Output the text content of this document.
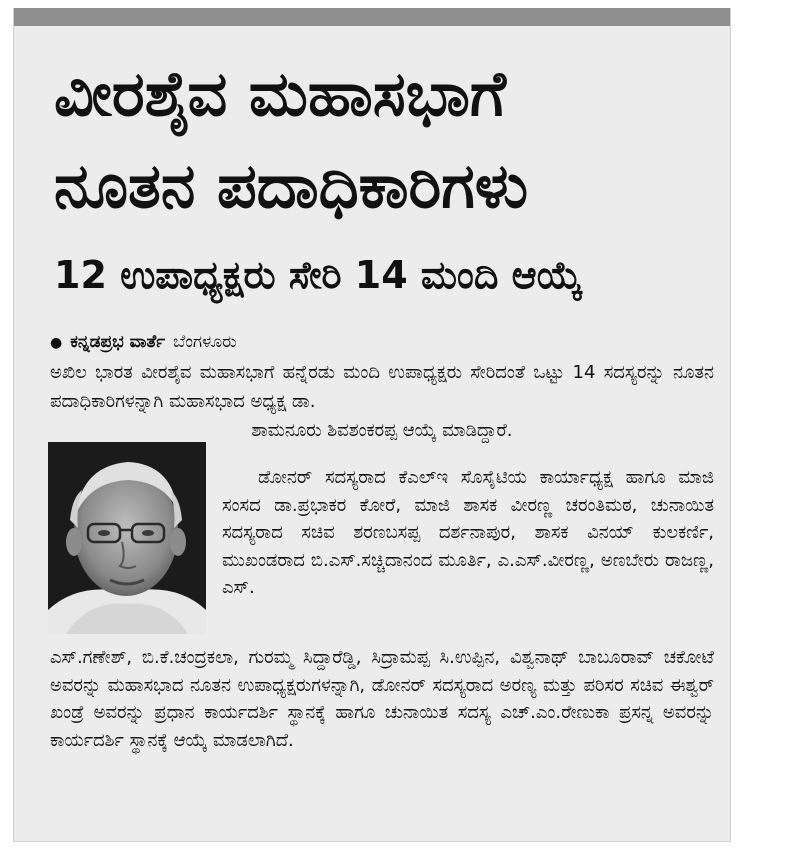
ವೀರಶೈವ ಮಹಾಸಭಾಗೆ
ನೂತನ ಪದಾಧಿಕಾರಿಗಳು
12 ಉಪಾಧ್ಯಕ್ಷರು ಸೇರಿ 14 ಮಂದಿ ಆಯ್ಕೆ
● ಕನ್ನಡಪ್ರಭ ವಾರ್ತೆ ಬೆಂಗಳೂರು

ಅಖಿಲ ಭಾರತ ವೀರಶೈವ ಮಹಾಸಭಾಗೆ ಹನ್ನೆರಡು ಮಂದಿ ಉಪಾಧ್ಯಕ್ಷರು ಸೇರಿದಂತೆ ಒಟ್ಟು 14 ಸದಸ್ಯರನ್ನು ನೂತನ ಪದಾಧಿಕಾರಿಗಳನ್ನಾಗಿ ಮಹಾಸಭಾದ ಅಧ್ಯಕ್ಷ ಡಾ.
ಶಾಮನೂರು ಶಿವಶಂಕರಪ್ಪ ಆಯ್ಕೆ ಮಾಡಿದ್ದಾರೆ.

ಡೋನರ್ ಸದಸ್ಯರಾದ ಕೆಎಲ್‌ಇ ಸೊಸೈಟಿಯ ಕಾರ್ಯಾಧ್ಯಕ್ಷ ಹಾಗೂ ಮಾಜಿ ಸಂಸದ ಡಾ.ಪ್ರಭಾಕರ ಕೋರೆ, ಮಾಜಿ ಶಾಸಕ ವೀರಣ್ಣ ಚರಂತಿಮಠ, ಚುನಾಯಿತ ಸದಸ್ಯರಾದ ಸಚಿವ ಶರಣಬಸಪ್ಪ ದರ್ಶನಾಪುರ, ಶಾಸಕ ವಿನಯ್ ಕುಲಕರ್ಣಿ, ಮುಖಂಡರಾದ ಬಿ.ಎಸ್.ಸಚ್ಚಿದಾನಂದ ಮೂರ್ತಿ, ಎ.ಎಸ್.ವೀರಣ್ಣ, ಅಣಬೇರು ರಾಜಣ್ಣ, ಎಸ್.

ಎಸ್.ಗಣೇಶ್, ಬಿ.ಕೆ.ಚಂದ್ರಕಲಾ, ಗುರಮ್ಮ ಸಿದ್ದಾರೆಡ್ಡಿ, ಸಿದ್ರಾಮಪ್ಪ ಸಿ.ಉಪ್ಪಿನ, ವಿಶ್ವನಾಥ್ ಬಾಬೂರಾವ್ ಚಕೋಟೆ ಅವರನ್ನು ಮಹಾಸಭಾದ ನೂತನ ಉಪಾಧ್ಯಕ್ಷರುಗಳನ್ನಾಗಿ, ಡೋನರ್ ಸದಸ್ಯರಾದ ಅರಣ್ಯ ಮತ್ತು ಪರಿಸರ ಸಚಿವ ಈಶ್ವರ್ ಖಂಡ್ರೆ ಅವರನ್ನು ಪ್ರಧಾನ ಕಾರ್ಯದರ್ಶಿ ಸ್ಥಾನಕ್ಕೆ ಹಾಗೂ ಚುನಾಯಿತ ಸದಸ್ಯ ಎಚ್.ಎಂ.ರೇಣುಕಾ ಪ್ರಸನ್ನ ಅವರನ್ನು ಕಾರ್ಯದರ್ಶಿ ಸ್ಥಾನಕ್ಕೆ ಆಯ್ಕೆ ಮಾಡಲಾಗಿದೆ.
